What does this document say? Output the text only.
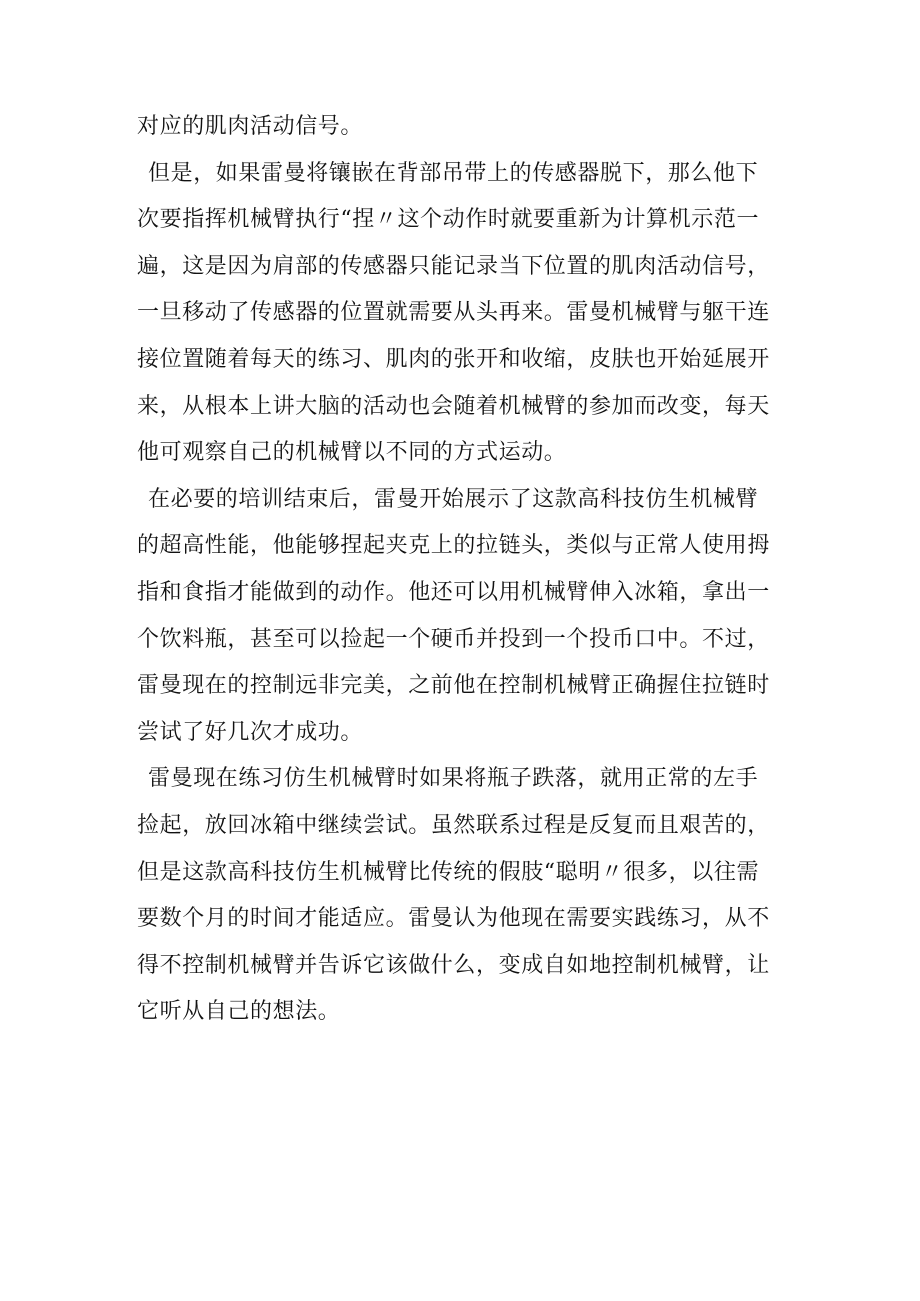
对应的肌肉活动信号。
但是，如果雷曼将镶嵌在背部吊带上的传感器脱下，那么他下
次要指挥机械臂执行“捏〃这个动作时就要重新为计算机示范一
遍，这是因为肩部的传感器只能记录当下位置的肌肉活动信号，
一旦移动了传感器的位置就需要从头再来。雷曼机械臂与躯干连
接位置随着每天的练习、肌肉的张开和收缩，皮肤也开始延展开
来，从根本上讲大脑的活动也会随着机械臂的参加而改变，每天
他可观察自己的机械臂以不同的方式运动。
在必要的培训结束后，雷曼开始展示了这款高科技仿生机械臂
的超高性能，他能够捏起夹克上的拉链头，类似与正常人使用拇
指和食指才能做到的动作。他还可以用机械臂伸入冰箱，拿出一
个饮料瓶，甚至可以捡起一个硬币并投到一个投币口中。不过，
雷曼现在的控制远非完美，之前他在控制机械臂正确握住拉链时
尝试了好几次才成功。
雷曼现在练习仿生机械臂时如果将瓶子跌落，就用正常的左手
捡起，放回冰箱中继续尝试。虽然联系过程是反复而且艰苦的，
但是这款高科技仿生机械臂比传统的假肢“聪明〃很多，以往需
要数个月的时间才能适应。雷曼认为他现在需要实践练习，从不
得不控制机械臂并告诉它该做什么，变成自如地控制机械臂，让
它听从自己的想法。
